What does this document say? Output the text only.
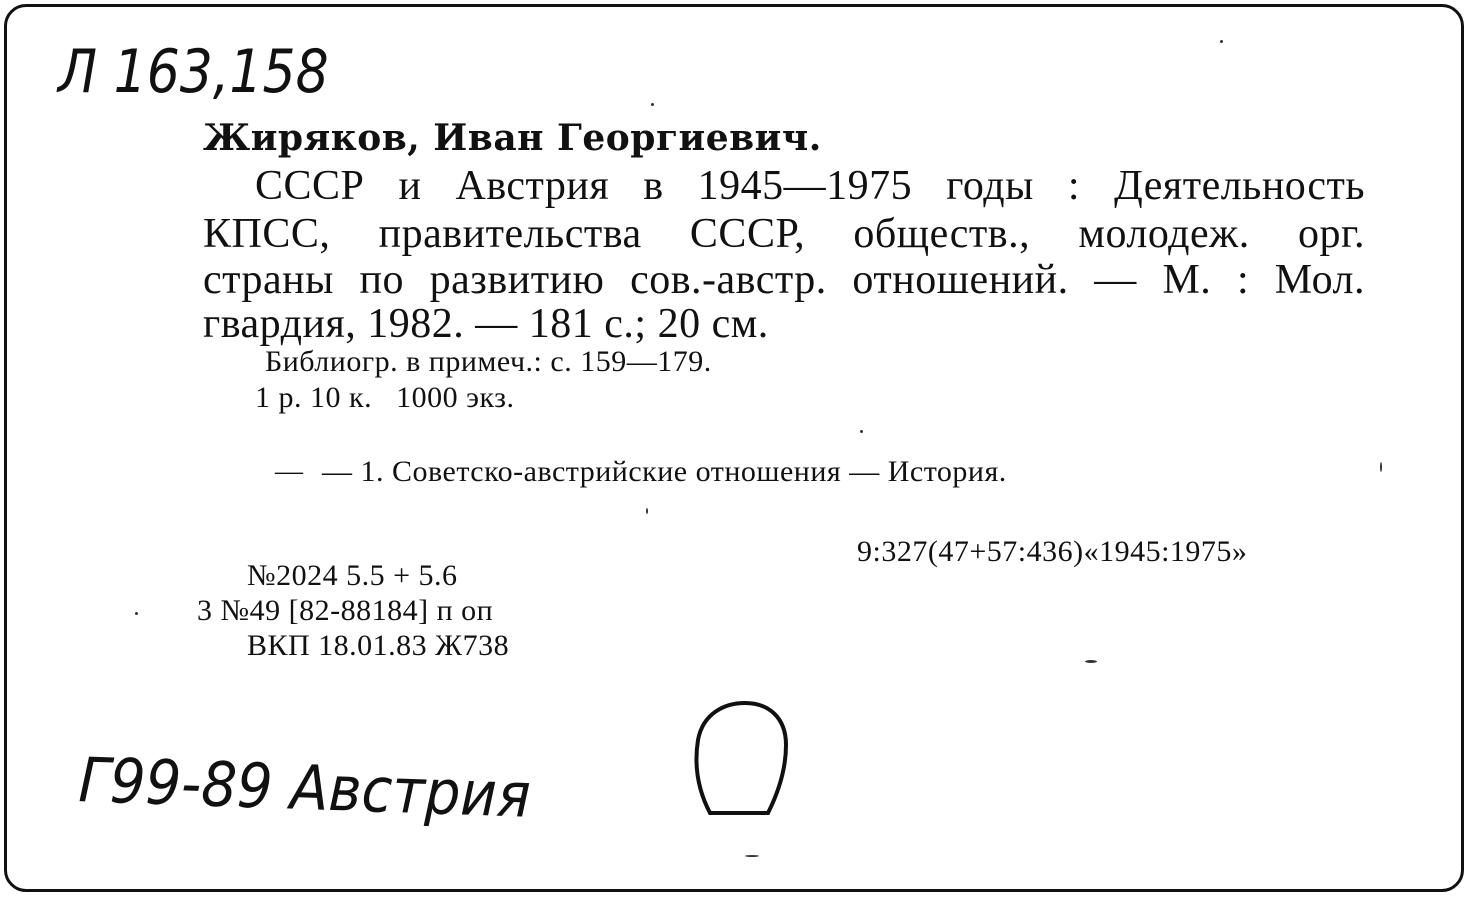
Л 163,158
Жиряков, Иван Георгиевич.
СССР и Австрия в 1945—1975 годы : Деятельность
КПСС, правительства СССР, обществ., молодеж. орг.
страны по развитию сов.-австр. отношений. — М. : Мол.
гвардия, 1982. — 181 с.; 20 см.
Библиогр. в примеч.: с. 159—179.
1 р. 10 к.   1000 экз.
— — 1. Советско-австрийские отношения — История.
9:327(47+57:436)«1945:1975»
№2024 5.5 + 5.6
3 №49 [82-88184] п оп
ВКП 18.01.83 Ж738
Г99-89 Австрия
